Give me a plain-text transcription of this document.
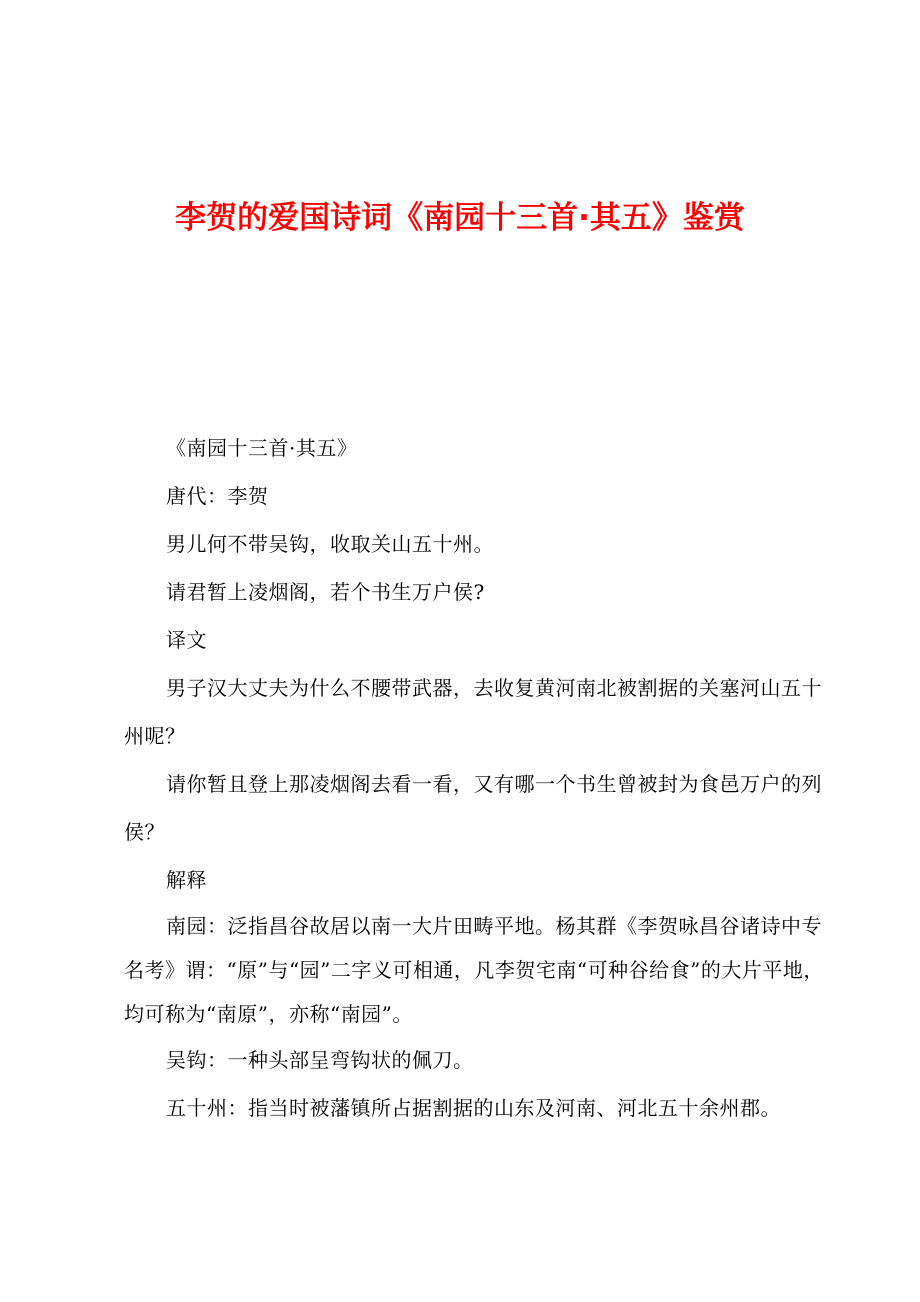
李贺的爱国诗词《南园十三首·其五》鉴赏

《南园十三首·其五》

唐代：李贺

男儿何不带吴钩，收取关山五十州。

请君暂上凌烟阁，若个书生万户侯?

译文

男子汉大丈夫为什么不腰带武器，去收复黄河南北被割据的关塞河山五十州呢？

请你暂且登上那凌烟阁去看一看，又有哪一个书生曾被封为食邑万户的列侯？

解释

南园：泛指昌谷故居以南一大片田畴平地。杨其群《李贺咏昌谷诸诗中专名考》谓：“原”与“园”二字义可相通，凡李贺宅南“可种谷给食”的大片平地，均可称为“南原”，亦称“南园”。

吴钩：一种头部呈弯钩状的佩刀。

五十州：指当时被藩镇所占据割据的山东及河南、河北五十余州郡。
